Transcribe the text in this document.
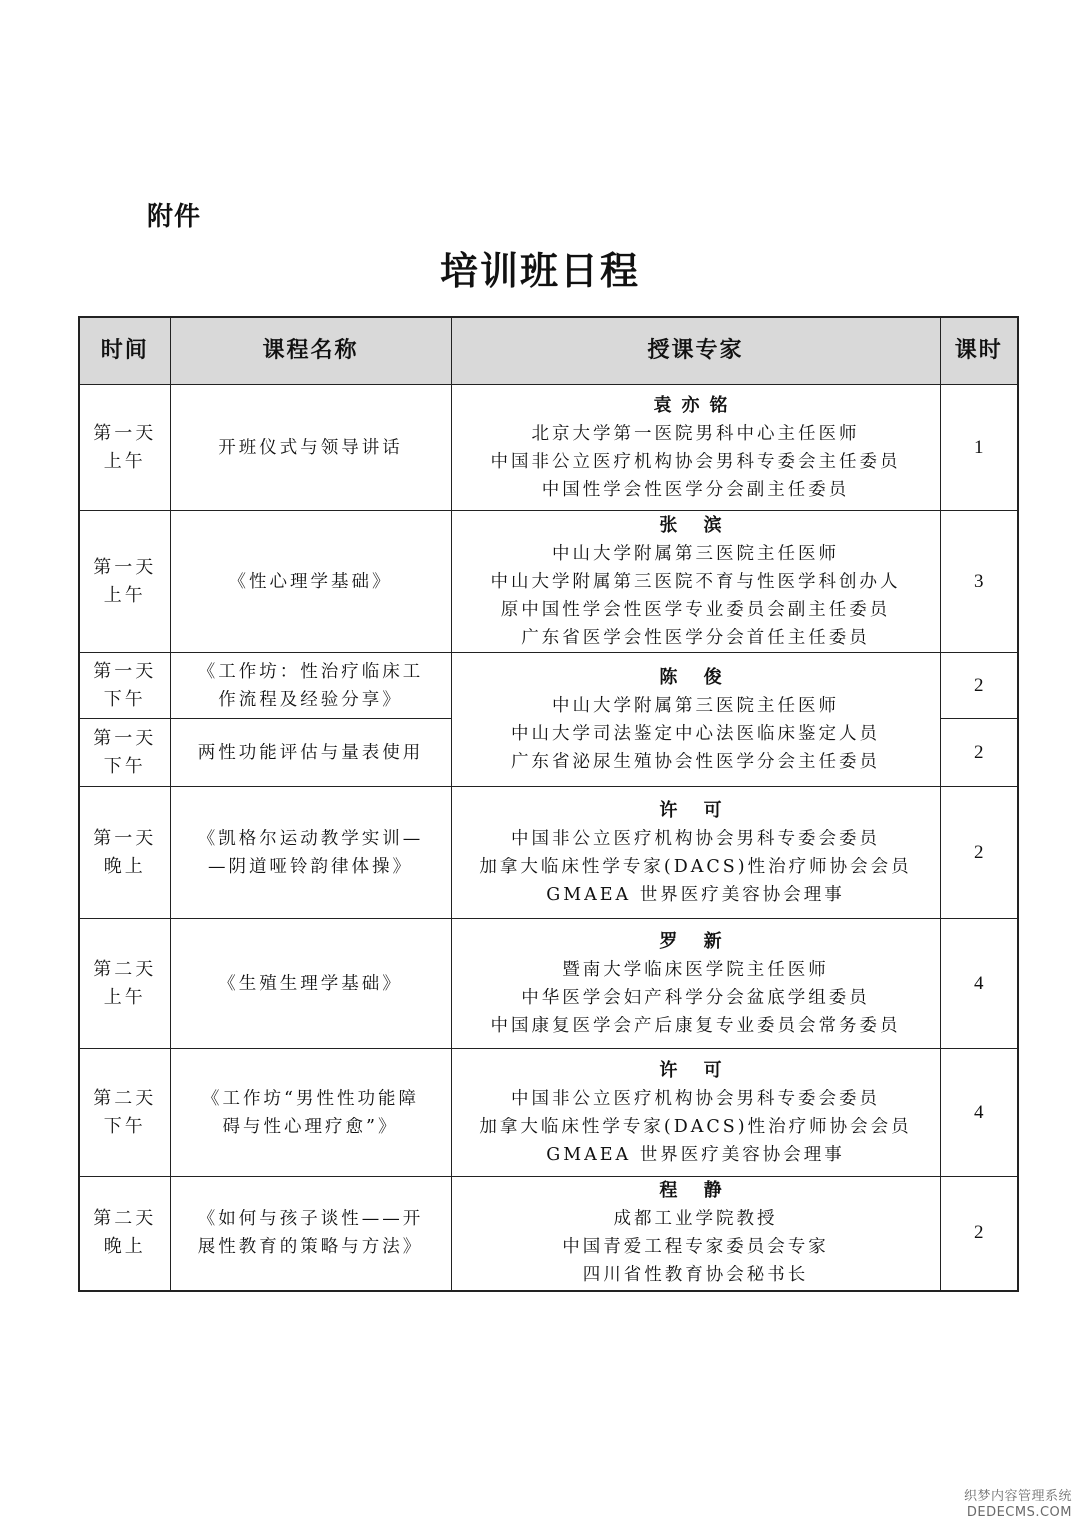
附件
培训班日程
时间	课程名称	授课专家	课时

第一天
上午	开班仪式与领导讲话	袁亦铭
北京大学第一医院男科中心主任医师
中国非公立医疗机构协会男科专委会主任委员
中国性学会性医学分会副主任委员	1

第一天
上午	《性心理学基础》	张 滨
中山大学附属第三医院主任医师
中山大学附属第三医院不育与性医学科创办人
原中国性学会性医学专业委员会副主任委员
广东省医学会性医学分会首任主任委员	3

第一天
下午	《工作坊：性治疗临床工
作流程及经验分享》	陈 俊
中山大学附属第三医院主任医师
中山大学司法鉴定中心法医临床鉴定人员
广东省泌尿生殖协会性医学分会主任委员	2

第一天
下午	两性功能评估与量表使用		2

第一天
晚上	《凯格尔运动教学实训—
—阴道哑铃韵律体操》	许 可
中国非公立医疗机构协会男科专委会委员
加拿大临床性学专家(DACS)性治疗师协会会员
GMAEA 世界医疗美容协会理事	2

第二天
上午	《生殖生理学基础》	罗 新
暨南大学临床医学院主任医师
中华医学会妇产科学分会盆底学组委员
中国康复医学会产后康复专业委员会常务委员	4

第二天
下午	《工作坊“男性性功能障
碍与性心理疗愈”》	许 可
中国非公立医疗机构协会男科专委会委员
加拿大临床性学专家(DACS)性治疗师协会会员
GMAEA 世界医疗美容协会理事	4

第二天
晚上	《如何与孩子谈性——开
展性教育的策略与方法》	程 静
成都工业学院教授
中国青爱工程专家委员会专家
四川省性教育协会秘书长	2
织梦内容管理系统
DEDECMS.COM
